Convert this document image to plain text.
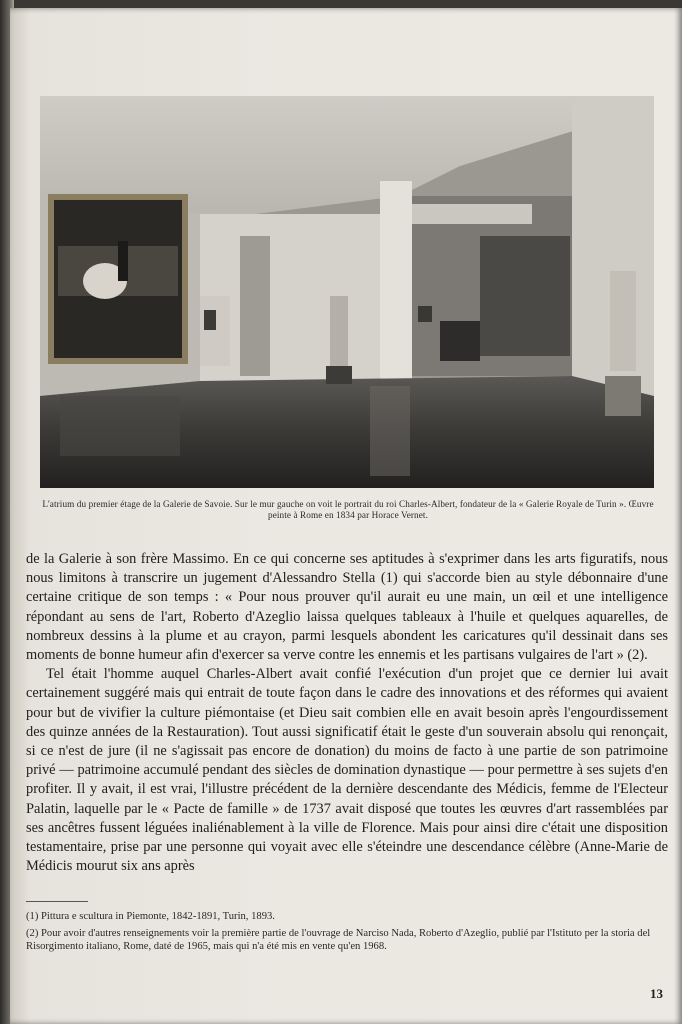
L'atrium du premier étage de la Galerie de Savoie. Sur le mur gauche on voit le portrait du roi Charles-Albert, fondateur de la « Galerie Royale de Turin ». Œuvre peinte à Rome en 1834 par Horace Vernet.

de la Galerie à son frère Massimo. En ce qui concerne ses aptitudes à s'exprimer dans les arts figuratifs, nous nous limitons à transcrire un jugement d'Alessandro Stella (1) qui s'accorde bien au style débonnaire d'une certaine critique de son temps : « Pour nous prouver qu'il aurait eu une main, un œil et une intelligence répondant au sens de l'art, Roberto d'Azeglio laissa quelques tableaux à l'huile et quelques aquarelles, de nombreux dessins à la plume et au crayon, parmi lesquels abondent les caricatures qu'il dessinait dans ses moments de bonne humeur afin d'exercer sa verve contre les ennemis et les partisans vulgaires de l'art » (2).

Tel était l'homme auquel Charles-Albert avait confié l'exécution d'un projet que ce dernier lui avait certainement suggéré mais qui entrait de toute façon dans le cadre des innovations et des réformes qui avaient pour but de vivifier la culture piémontaise (et Dieu sait combien elle en avait besoin après l'engourdissement des quinze années de la Restauration). Tout aussi significatif était le geste d'un souverain absolu qui renonçait, si ce n'est de jure (il ne s'agissait pas encore de donation) du moins de facto à une partie de son patrimoine privé — patrimoine accumulé pendant des siècles de domination dynastique — pour permettre à ses sujets d'en profiter. Il y avait, il est vrai, l'illustre précédent de la dernière descendante des Médicis, femme de l'Electeur Palatin, laquelle par le « Pacte de famille » de 1737 avait disposé que toutes les œuvres d'art rassemblées par ses ancêtres fussent léguées inaliénablement à la ville de Florence. Mais pour ainsi dire c'était une disposition testamentaire, prise par une personne qui voyait avec elle s'éteindre une descendance célèbre (Anne-Marie de Médicis mourut six ans après

(1) Pittura e scultura in Piemonte, 1842-1891, Turin, 1893.

(2) Pour avoir d'autres renseignements voir la première partie de l'ouvrage de Narciso Nada, Roberto d'Azeglio, publié par l'Istituto per la storia del Risorgimento italiano, Rome, daté de 1965, mais qui n'a été mis en vente qu'en 1968.

13
